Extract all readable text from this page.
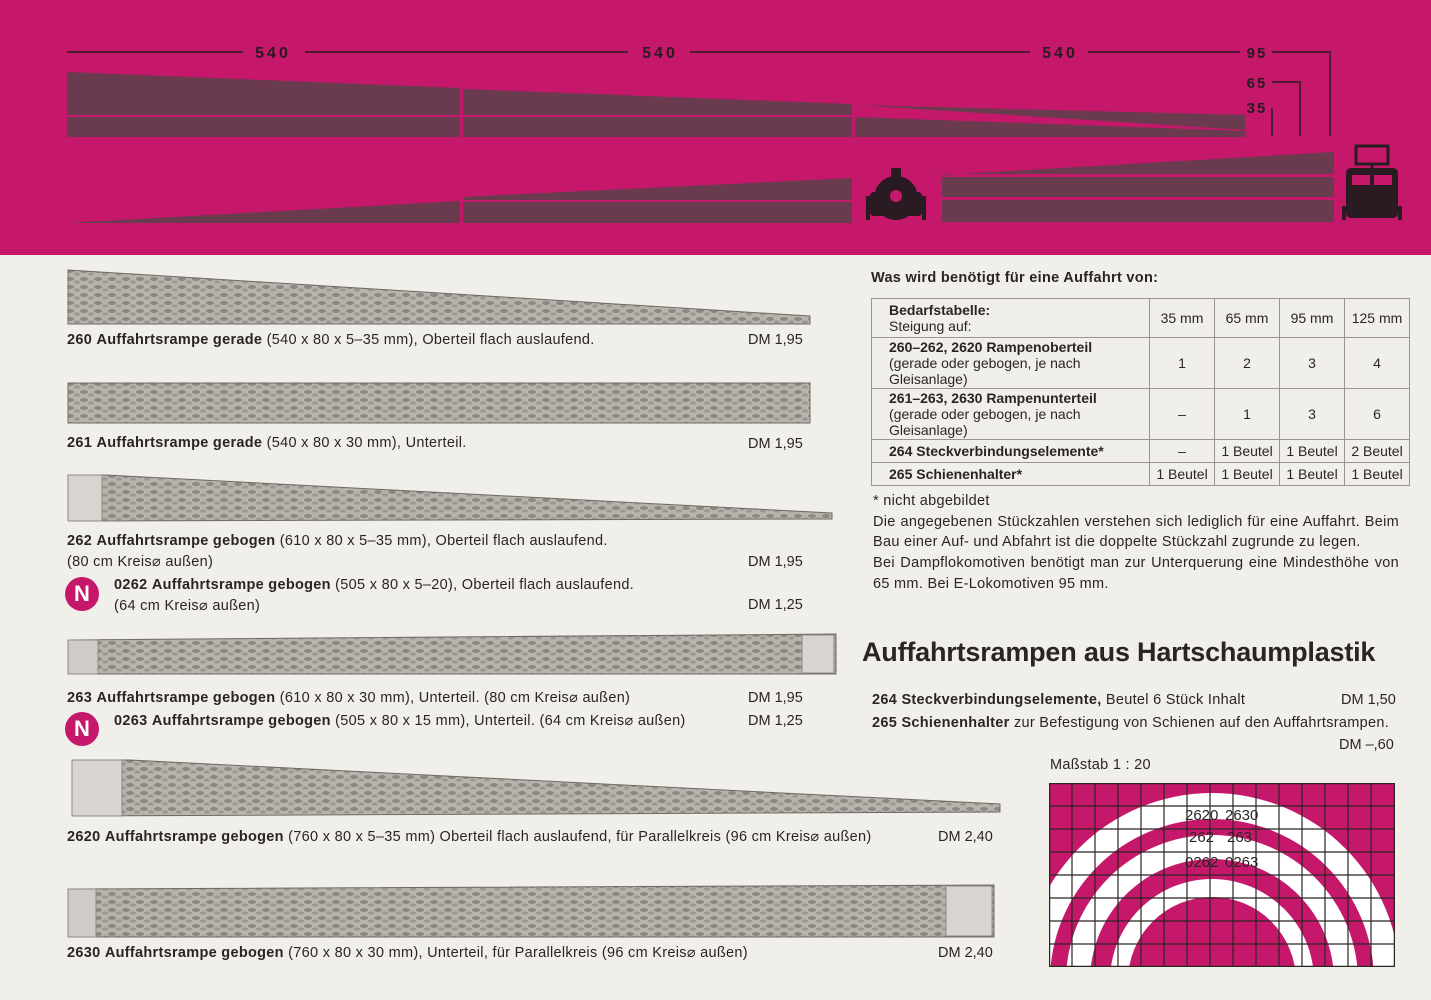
540	540	540	95
65
35
260 Auffahrtsrampe gerade (540 x 80 x 5–35 mm), Oberteil flach auslaufend.	DM 1,95
261 Auffahrtsrampe gerade (540 x 80 x 30 mm), Unterteil.	DM 1,95
262 Auffahrtsrampe gebogen (610 x 80 x 5–35 mm), Oberteil flach auslaufend.
(80 cm Kreis⌀ außen)	DM 1,95
N	0262 Auffahrtsrampe gebogen (505 x 80 x 5–20), Oberteil flach auslaufend.
(64 cm Kreis⌀ außen)	DM 1,25
263 Auffahrtsrampe gebogen (610 x 80 x 30 mm), Unterteil. (80 cm Kreis⌀ außen)	DM 1,95
N	0263 Auffahrtsrampe gebogen (505 x 80 x 15 mm), Unterteil. (64 cm Kreis⌀ außen)	DM 1,25
2620 Auffahrtsrampe gebogen (760 x 80 x 5–35 mm) Oberteil flach auslaufend, für Parallelkreis (96 cm Kreis⌀ außen)	DM 2,40
2630 Auffahrtsrampe gebogen (760 x 80 x 30 mm), Unterteil, für Parallelkreis (96 cm Kreis⌀ außen)	DM 2,40
Was wird benötigt für eine Auffahrt von:
Bedarfstabelle:
Steigung auf:	35 mm	65 mm	95 mm	125 mm
260–262, 2620 Rampenoberteil
(gerade oder gebogen, je nach Gleisanlage)	1	2	3	4
261–263, 2630 Rampenunterteil
(gerade oder gebogen, je nach Gleisanlage)	–	1	3	6
264 Steckverbindungselemente*	–	1 Beutel	1 Beutel	2 Beutel
265 Schienenhalter*	1 Beutel	1 Beutel	1 Beutel	1 Beutel
* nicht abgebildet
Die angegebenen Stückzahlen verstehen sich lediglich für eine Auffahrt. Beim Bau einer Auf- und Abfahrt ist die doppelte Stückzahl zugrunde zu legen.
Bei Dampflokomotiven benötigt man zur Unterquerung eine Mindesthöhe von 65 mm. Bei E-Lokomotiven 95 mm.
Auffahrtsrampen aus Hartschaumplastik
264 Steckverbindungselemente, Beutel 6 Stück Inhalt	DM 1,50
265 Schienenhalter zur Befestigung von Schienen auf den Auffahrtsrampen.
DM –,60
Maßstab 1 : 20
2620 2630
262 263
0262 0263
